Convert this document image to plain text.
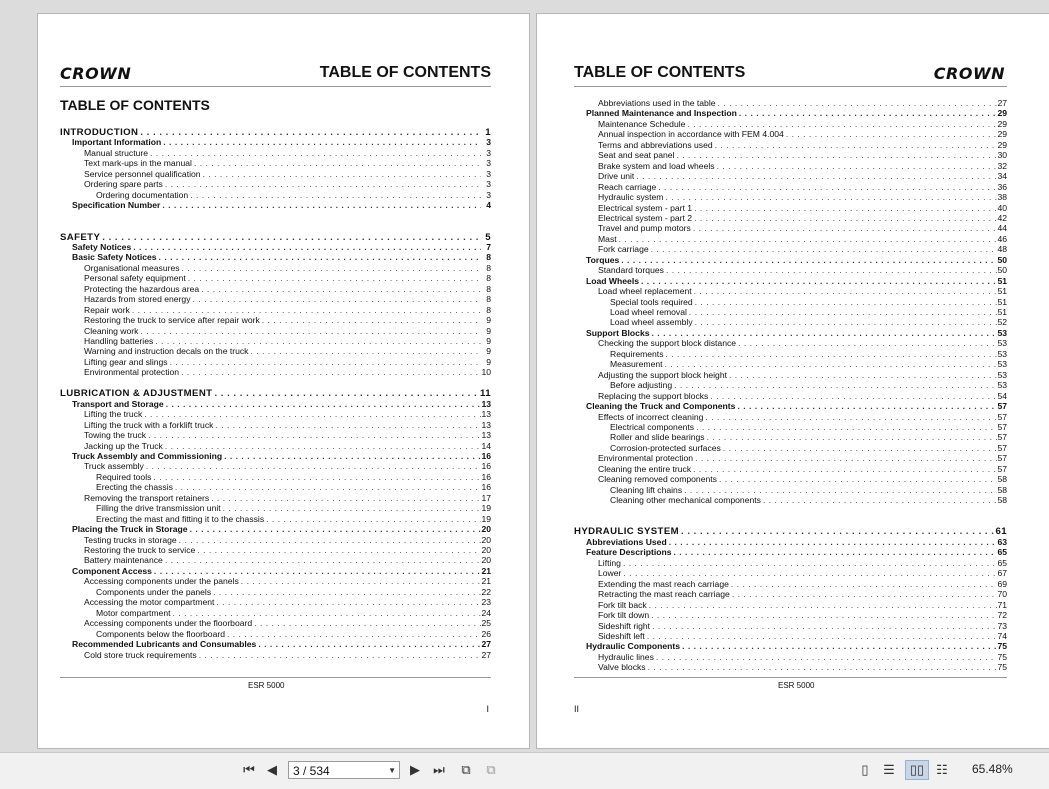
CROWN	TABLE OF CONTENTS
TABLE OF CONTENTS
INTRODUCTION . . .	1
Important Information . . .	3
Manual structure . . .	3
Text mark-ups in the manual . . .	3
Service personnel qualification . . .	3
Ordering spare parts . . .	3
Ordering documentation . . .	3
Specification Number . . .	4
SAFETY . . .	5
Safety Notices . . .	7
Basic Safety Notices . . .	8
Organisational measures . . .	8
Personal safety equipment . . .	8
Protecting the hazardous area . . .	8
Hazards from stored energy . . .	8
Repair work . . .	8
Restoring the truck to service after repair work . . .	9
Cleaning work . . .	9
Handling batteries . . .	9
Warning and instruction decals on the truck . . .	9
Lifting gear and slings . . .	9
Environmental protection . . .	10
LUBRICATION & ADJUSTMENT . . .	11
Transport and Storage . . .	13
Lifting the truck . . .	13
Lifting the truck with a forklift truck . . .	13
Towing the truck . . .	13
Jacking up the Truck . . .	14
Truck Assembly and Commissioning . . .	16
Truck assembly . . .	16
Required tools . . .	16
Erecting the chassis . . .	16
Removing the transport retainers . . .	17
Filling the drive transmission unit . . .	19
Erecting the mast and fitting it to the chassis . . .	19
Placing the Truck in Storage . . .	20
Testing trucks in storage . . .	20
Restoring the truck to service . . .	20
Battery maintenance . . .	20
Component Access . . .	21
Accessing components under the panels . . .	21
Components under the panels . . .	22
Accessing the motor compartment . . .	23
Motor compartment . . .	24
Accessing components under the floorboard . . .	25
Components below the floorboard . . .	26
Recommended Lubricants and Consumables . . .	27
Cold store truck requirements . . .	27
ESR 5000
I
TABLE OF CONTENTS	CROWN
Abbreviations used in the table . . .	27
Planned Maintenance and Inspection . . .	29
Maintenance Schedule . . .	29
Annual inspection in accordance with FEM 4.004 . . .	29
Terms and abbreviations used . . .	29
Seat and seat panel . . .	30
Brake system and load wheels . . .	32
Drive unit . . .	34
Reach carriage . . .	36
Hydraulic system . . .	38
Electrical system - part 1 . . .	40
Electrical system - part 2 . . .	42
Travel and pump motors . . .	44
Mast . . .	46
Fork carriage . . .	48
Torques . . .	50
Standard torques . . .	50
Load Wheels . . .	51
Load wheel replacement . . .	51
Special tools required . . .	51
Load wheel removal . . .	51
Load wheel assembly . . .	52
Support Blocks . . .	53
Checking the support block distance . . .	53
Requirements . . .	53
Measurement . . .	53
Adjusting the support block height . . .	53
Before adjusting . . .	53
Replacing the support blocks . . .	54
Cleaning the Truck and Components . . .	57
Effects of incorrect cleaning . . .	57
Electrical components . . .	57
Roller and slide bearings . . .	57
Corrosion-protected surfaces . . .	57
Environmental protection . . .	57
Cleaning the entire truck . . .	57
Cleaning removed components . . .	58
Cleaning lift chains . . .	58
Cleaning other mechanical components . . .	58
HYDRAULIC SYSTEM . . .	61
Abbreviations Used . . .	63
Feature Descriptions . . .	65
Lifting . . .	65
Lower . . .	67
Extending the mast reach carriage . . .	69
Retracting the mast reach carriage . . .	70
Fork tilt back . . .	71
Fork tilt down . . .	72
Sideshift right . . .	73
Sideshift left . . .	74
Hydraulic Components . . .	75
Hydraulic lines . . .	75
Valve blocks . . .	75
ESR 5000
II
⏮ ◀	3 / 534	▼	▶	⏭	⧉	⧉	▯	☰ ▯▯ ☷ 65.48%
